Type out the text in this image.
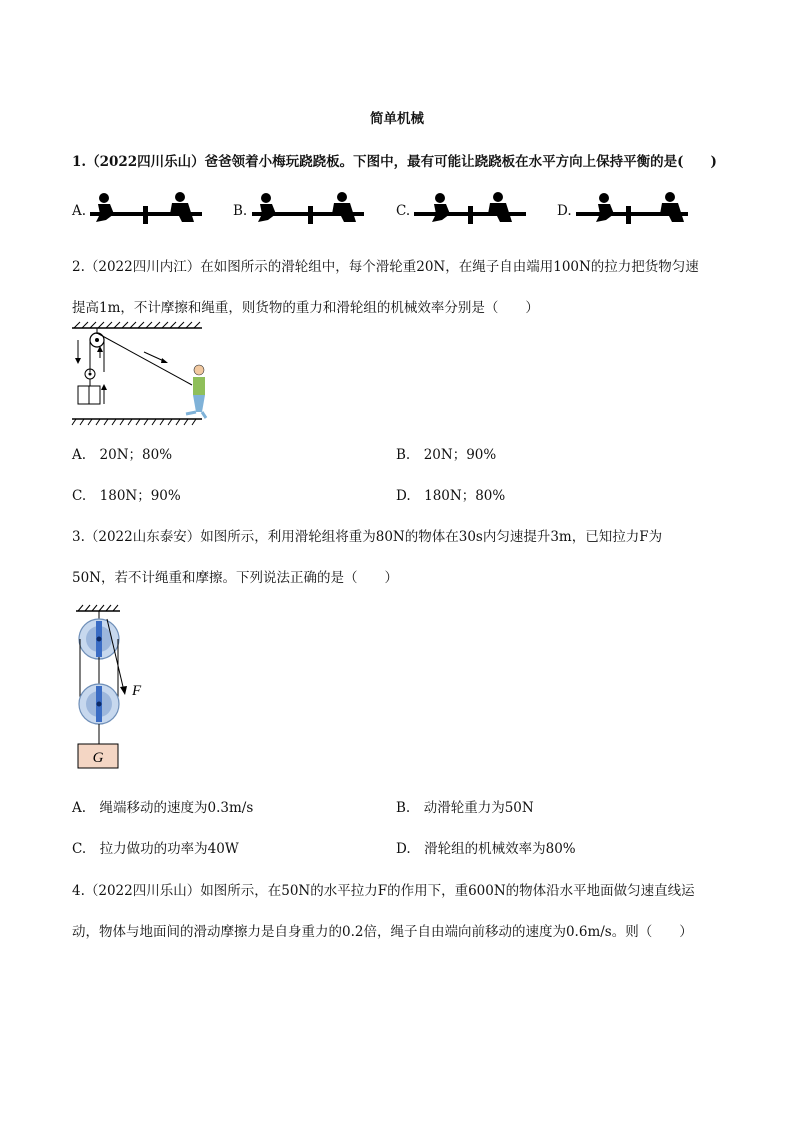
简单机械
1.（2022四川乐山）爸爸领着小梅玩跷跷板。下图中，最有可能让跷跷板在水平方向上保持平衡的是(　　)
A.	B.	C.	D.
2.（2022四川内江）在如图所示的滑轮组中，每个滑轮重20N，在绳子自由端用100N的拉力把货物匀速
提高1m，不计摩擦和绳重，则货物的重力和滑轮组的机械效率分别是（　　）
A.　20N；80%	B.　20N；90%
C.　180N；90%	D.　180N；80%
3.（2022山东泰安）如图所示，利用滑轮组将重为80N的物体在30s内匀速提升3m，已知拉力F为
50N，若不计绳重和摩擦。下列说法正确的是（　　）
G
F
A.　绳端移动的速度为0.3m/s	B.　动滑轮重力为50N
C.　拉力做功的功率为40W	D.　滑轮组的机械效率为80%
4.（2022四川乐山）如图所示，在50N的水平拉力F的作用下，重600N的物体沿水平地面做匀速直线运
动，物体与地面间的滑动摩擦力是自身重力的0.2倍，绳子自由端向前移动的速度为0.6m/s。则（　　）
